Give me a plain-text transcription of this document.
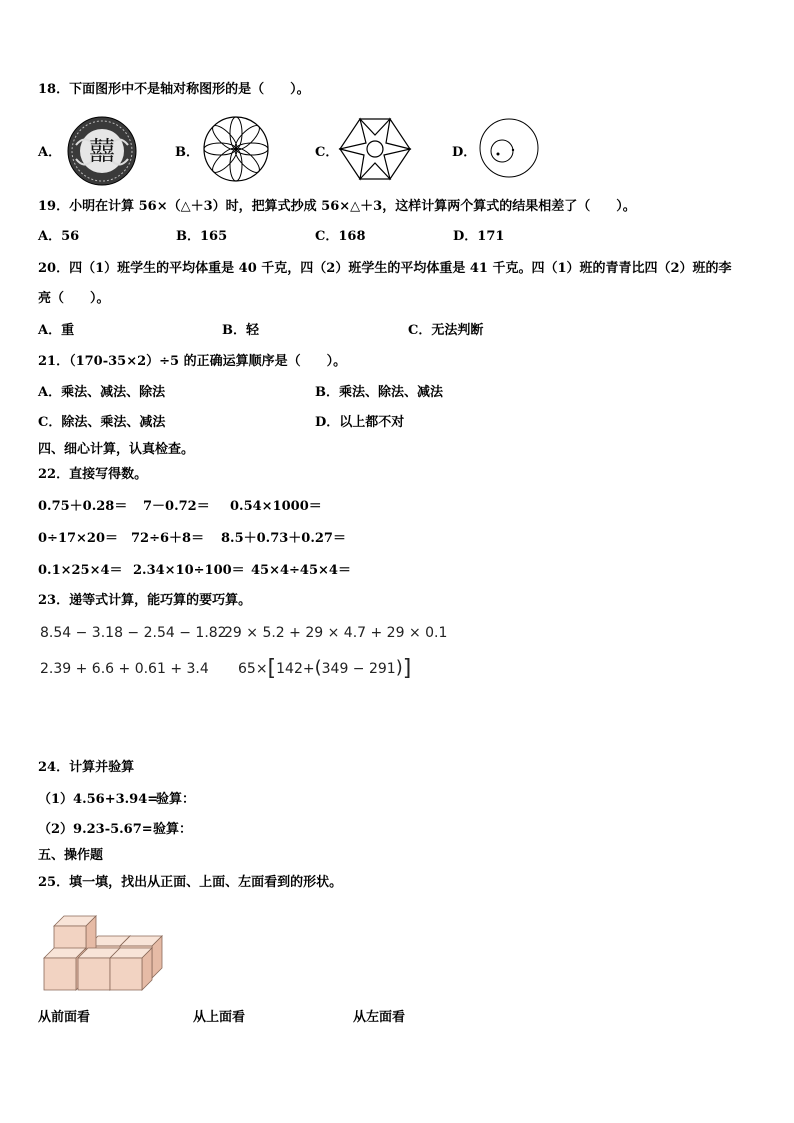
18．下面图形中不是轴对称图形的是（　　）。
A． 囍	B．	C．	D．
19．小明在计算 56×（△＋3）时，把算式抄成 56×△＋3，这样计算两个算式的结果相差了（　　）。
A．56	B．165	C．168	D．171
20．四（1）班学生的平均体重是 40 千克，四（2）班学生的平均体重是 41 千克。四（1）班的青青比四（2）班的李
亮（　　）。
A．重	B．轻	C．无法判断
21．（170-35×2）÷5 的正确运算顺序是（　　）。
A．乘法、减法、除法	B．乘法、除法、减法
C．除法、乘法、减法	D．以上都不对
四、细心计算，认真检查。
22．直接写得数。
0.75＋0.28＝ 7－0.72＝ 0.54×1000＝
0÷17×20＝ 72÷6＋8＝ 8.5＋0.73＋0.27＝
0.1×25×4＝ 2.34×10÷100＝ 45×4÷45×4＝
23．递等式计算，能巧算的要巧算。
8.54 − 3.18 − 2.54 − 1.82
29 × 5.2 + 29 × 4.7 + 29 × 0.1
2.39 + 6.6 + 0.61 + 3.4 65×[142+(349 − 291)]
24．计算并验算
（1）4.56+3.94=
验算：
（2）9.23-5.67= 验算：
五、操作题
25．填一填，找出从正面、上面、左面看到的形状。
从前面看	从上面看	从左面看
